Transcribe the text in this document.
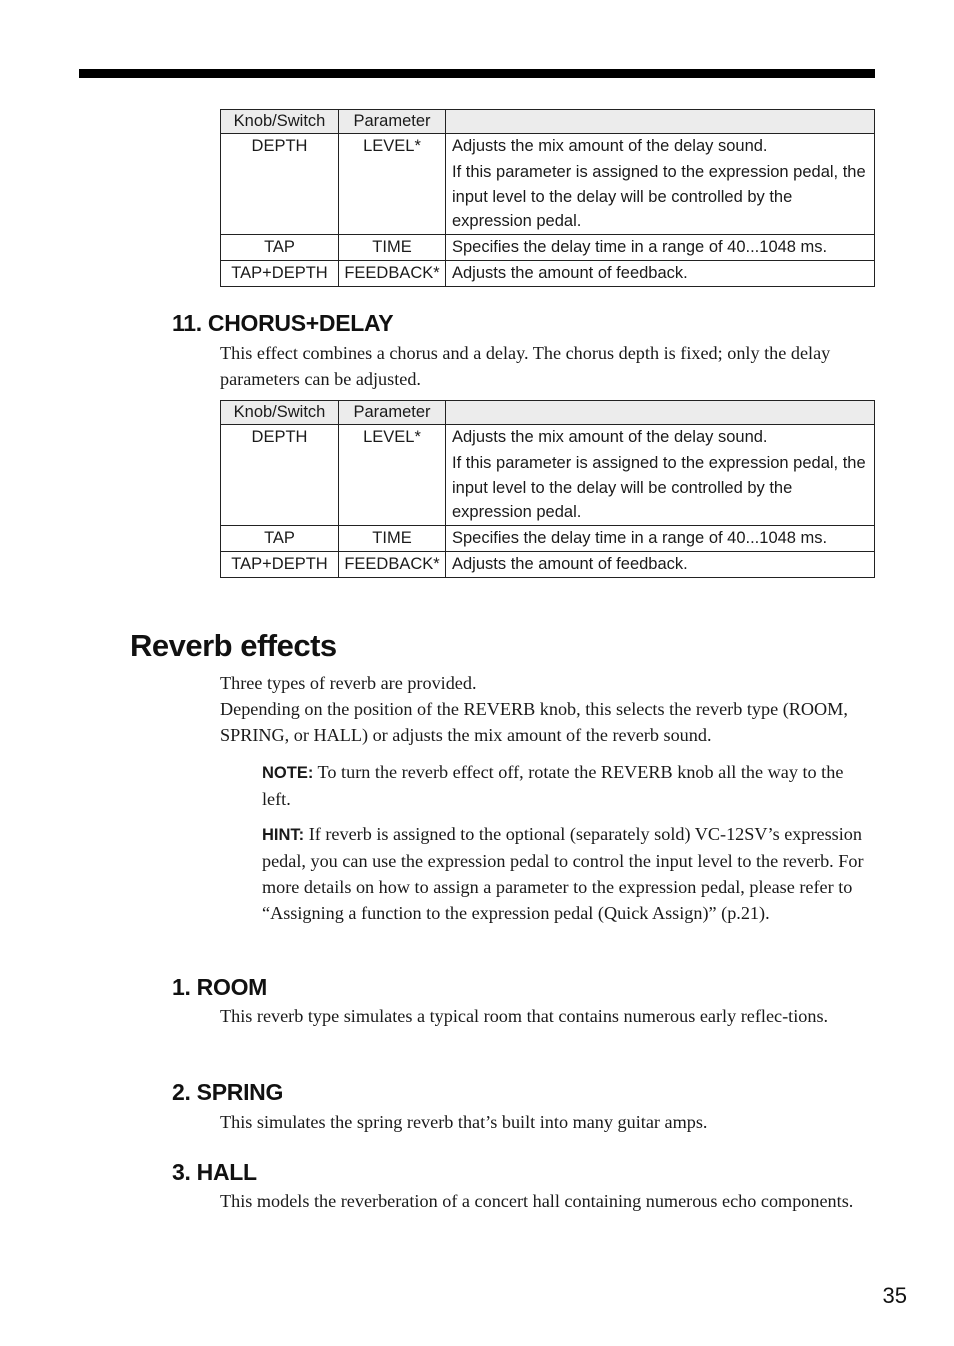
Knob/Switch	Parameter	
DEPTH	LEVEL*	Adjusts the mix amount of the delay sound.
If this parameter is assigned to the expression pedal, the input level to the delay will be controlled by the expression pedal.

TAP	TIME	Specifies the delay time in a range of 40...1048 ms.
TAP+DEPTH	FEEDBACK*	Adjusts the amount of feedback.
11. CHORUS+DELAY

This effect combines a chorus and a delay. The chorus depth is fixed; only the delay parameters can be adjusted.

Knob/Switch	Parameter	
DEPTH	LEVEL*	Adjusts the mix amount of the delay sound.
If this parameter is assigned to the expression pedal, the input level to the delay will be controlled by the expression pedal.

TAP	TIME	Specifies the delay time in a range of 40...1048 ms.
TAP+DEPTH	FEEDBACK*	Adjusts the amount of feedback.
Reverb effects

Three types of reverb are provided.

Depending on the position of the REVERB knob, this selects the reverb type (ROOM, SPRING, or HALL) or adjusts the mix amount of the reverb sound.

NOTE: To turn the reverb effect off, rotate the REVERB knob all the way to the left.

HINT: If reverb is assigned to the optional (separately sold) VC-12SV’s expression pedal, you can use the expression pedal to control the input level to the reverb. For more details on how to assign a parameter to the expression pedal, please refer to “Assigning a function to the expression pedal (Quick Assign)” (p.21).

1. ROOM

This reverb type simulates a typical room that contains numerous early reflec-tions.

2. SPRING

This simulates the spring reverb that’s built into many guitar amps.

3. HALL

This models the reverberation of a concert hall containing numerous echo components.

35
